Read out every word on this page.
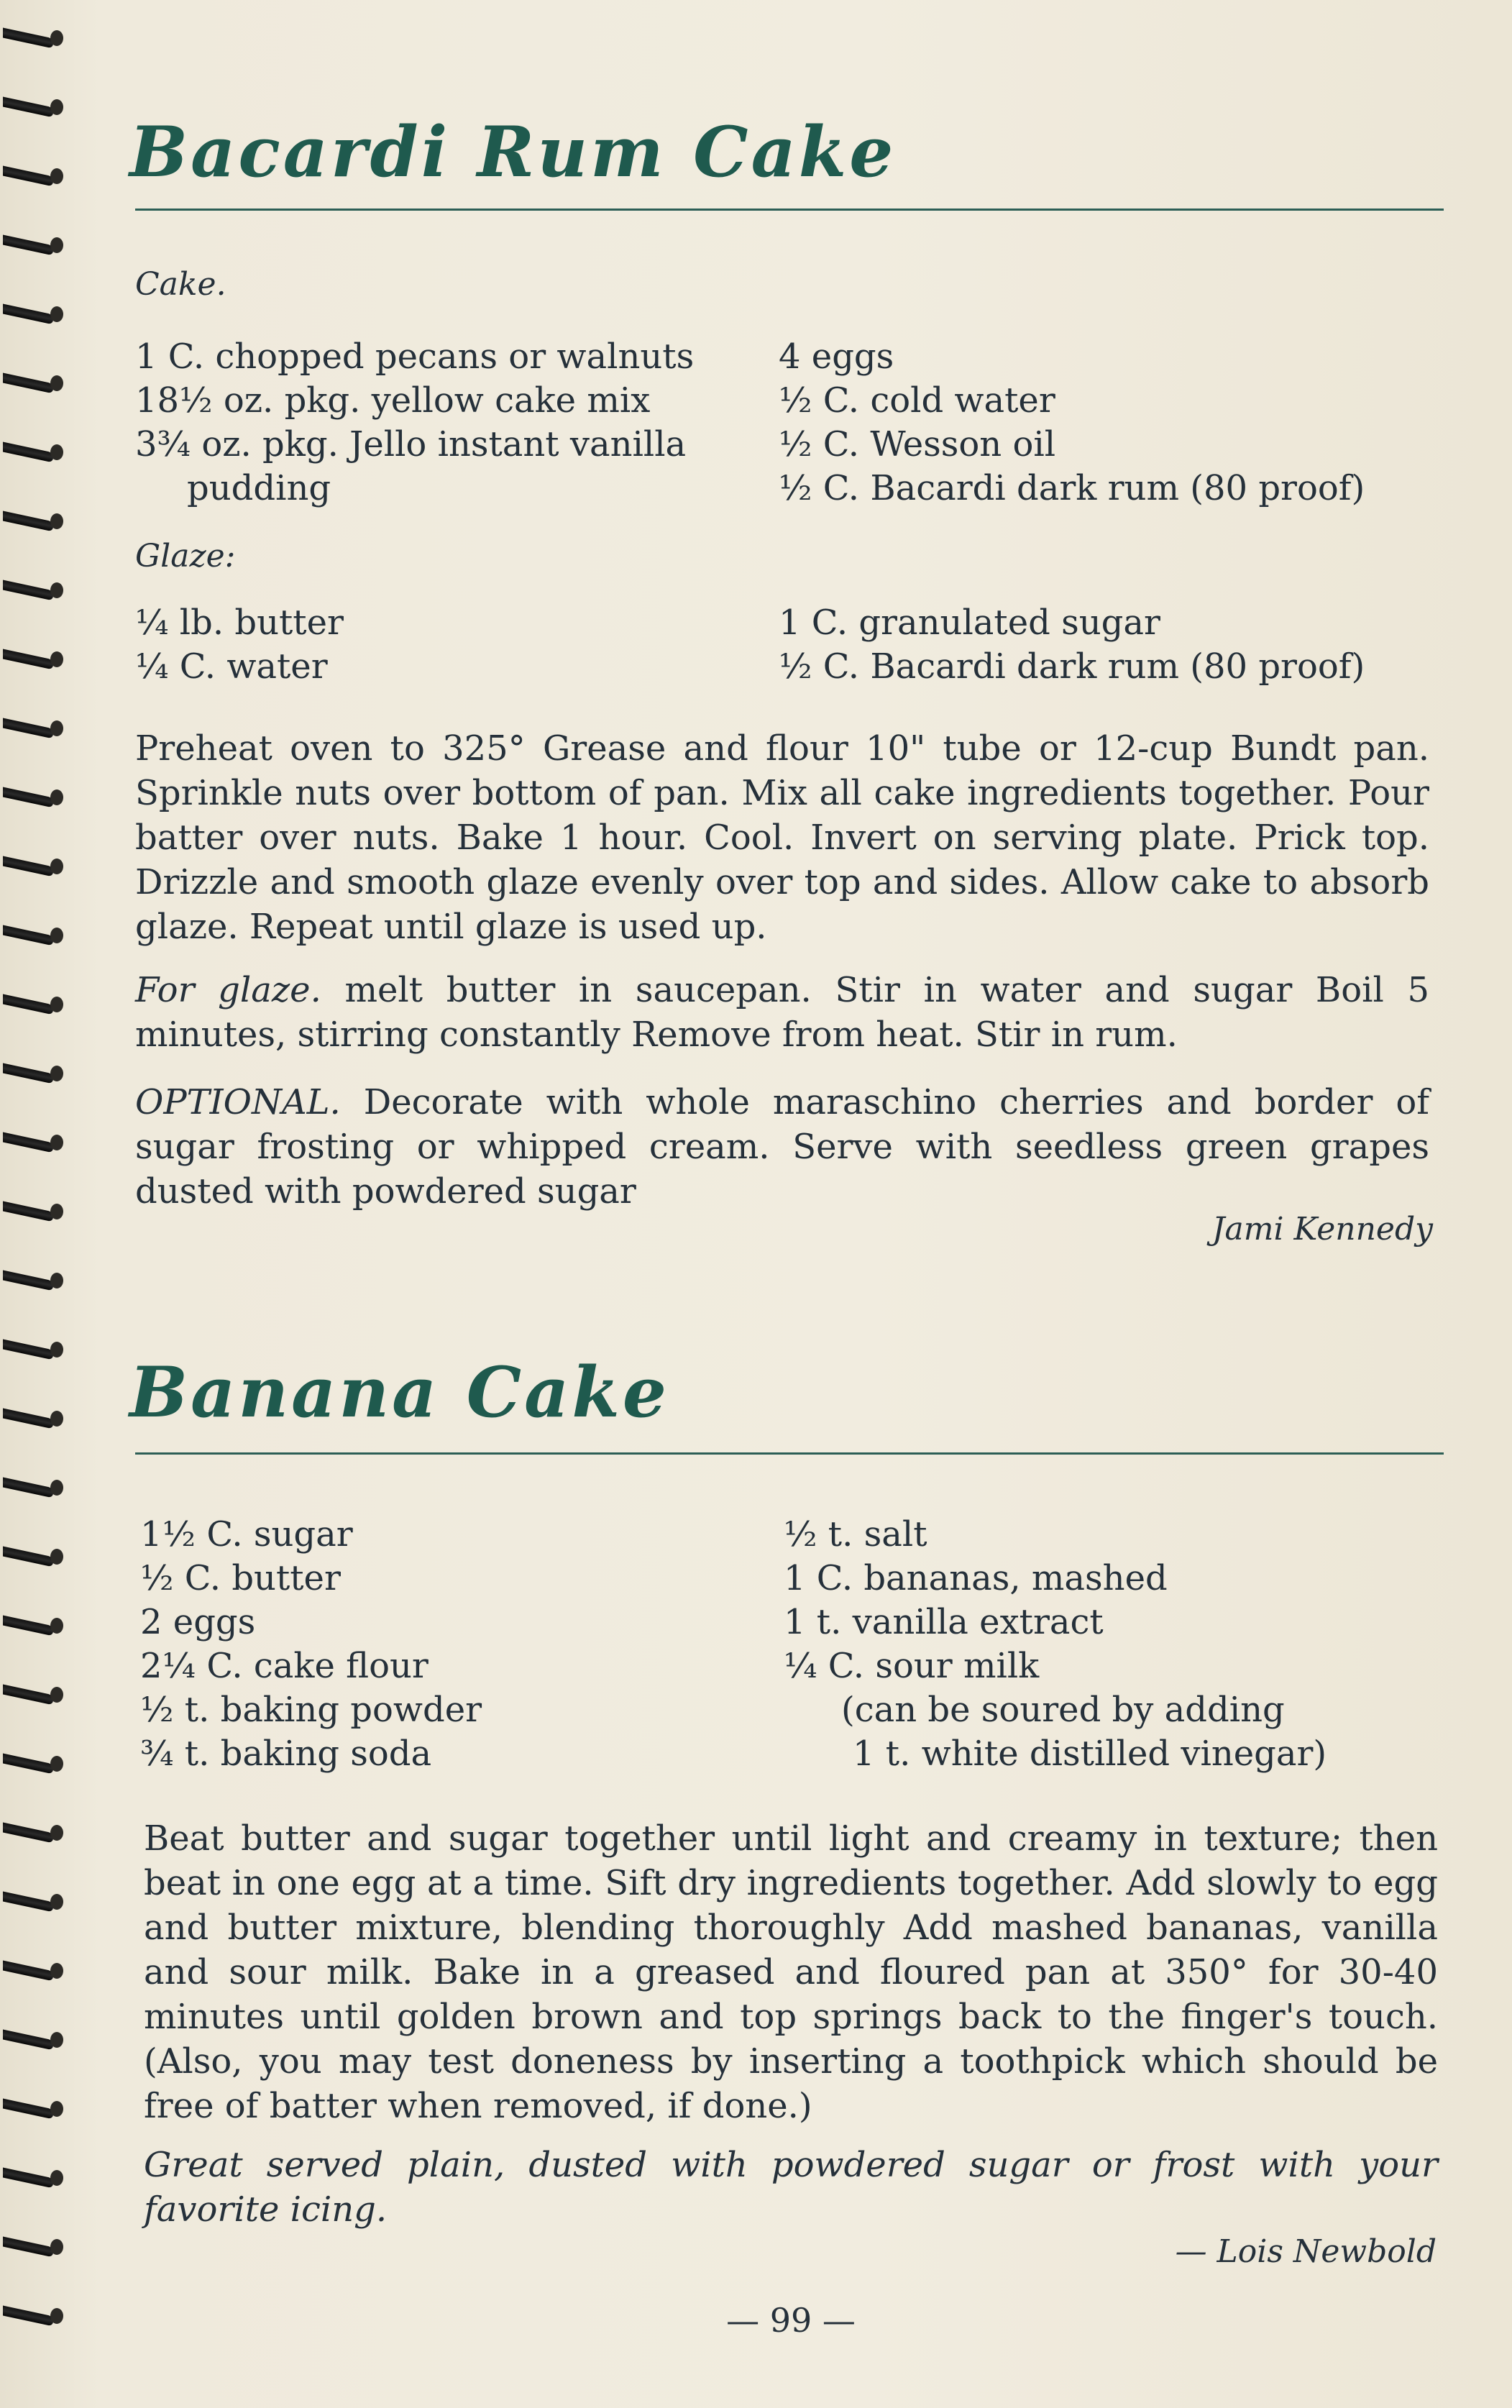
Bacardi Rum Cake
Cake.
1 C. chopped pecans or walnuts
18½ oz. pkg. yellow cake mix
3¾ oz. pkg. Jello instant vanilla
pudding
4 eggs
½ C. cold water
½ C. Wesson oil
½ C. Bacardi dark rum (80 proof)
Glaze:
¼ lb. butter
¼ C. water
1 C. granulated sugar
½ C. Bacardi dark rum (80 proof)

Preheat oven to 325° Grease and flour 10" tube or 12-cup Bundt pan. Sprinkle nuts over bottom of pan. Mix all cake ingredients together. Pour batter over nuts. Bake 1 hour. Cool. Invert on serving plate. Prick top. Drizzle and smooth glaze evenly over top and sides. Allow cake to absorb glaze. Repeat until glaze is used up.

For glaze. melt butter in saucepan. Stir in water and sugar Boil 5 minutes, stirring constantly Remove from heat. Stir in rum.

OPTIONAL. Decorate with whole maraschino cherries and border of sugar frosting or whipped cream. Serve with seedless green grapes dusted with powdered sugar

Jami Kennedy
Banana Cake
1½ C. sugar
½ C. butter
2 eggs
2¼ C. cake flour
½ t. baking powder
¾ t. baking soda
½ t. salt
1 C. bananas, mashed
1 t. vanilla extract
¼ C. sour milk
(can be soured by adding
1 t. white distilled vinegar)

Beat butter and sugar together until light and creamy in texture; then beat in one egg at a time. Sift dry ingredients together. Add slowly to egg and butter mixture, blending thoroughly Add mashed bananas, vanilla and sour milk. Bake in a greased and floured pan at 350° for 30-40 minutes until golden brown and top springs back to the finger's touch. (Also, you may test doneness by inserting a toothpick which should be free of batter when removed, if done.)

Great served plain, dusted with powdered sugar or frost with your favorite icing.

— Lois Newbold
— 99 —
